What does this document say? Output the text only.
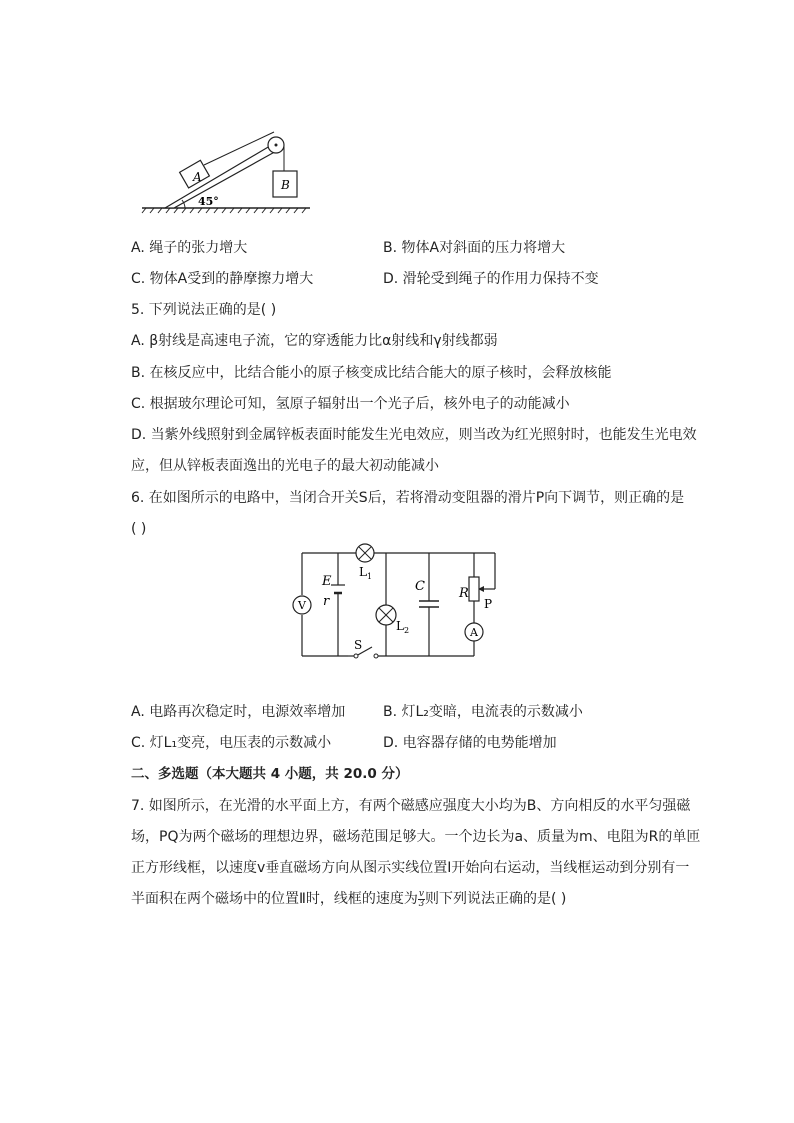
A
B
45°
A. 绳子的张力增大	B. 物体A对斜面的压力将增大
C. 物体A受到的静摩擦力增大	D. 滑轮受到绳子的作用力保持不变
5. 下列说法正确的是( )
A. β射线是高速电子流，它的穿透能力比α射线和γ射线都弱
B. 在核反应中，比结合能小的原子核变成比结合能大的原子核时，会释放核能
C. 根据玻尔理论可知，氢原子辐射出一个光子后，核外电子的动能减小
D. 当紫外线照射到金属锌板表面时能发生光电效应，则当改为红光照射时，也能发生光电效
应，但从锌板表面逸出的光电子的最大初动能减小
6. 在如图所示的电路中，当闭合开关S后，若将滑动变阻器的滑片P向下调节，则正确的是
( )
V
A
E
r
$L_1$
$L_2$
C	R
P
S
A. 电路再次稳定时，电源效率增加	B. 灯L₂变暗，电流表的示数减小
C. 灯L₁变亮，电压表的示数减小	D. 电容器存储的电势能增加
二、多选题（本大题共 4 小题，共 20.0 分）
7. 如图所示，在光滑的水平面上方，有两个磁感应强度大小均为B、方向相反的水平匀强磁
场，PQ为两个磁场的理想边界，磁场范围足够大。一个边长为a、质量为m、电阻为R的单匝
正方形线框，以速度v垂直磁场方向从图示实线位置Ⅰ开始向右运动，当线框运动到分别有一
半面积在两个磁场中的位置Ⅱ时，线框的速度为 $\frac{v}{3}$ 则下列说法正确的是( )
